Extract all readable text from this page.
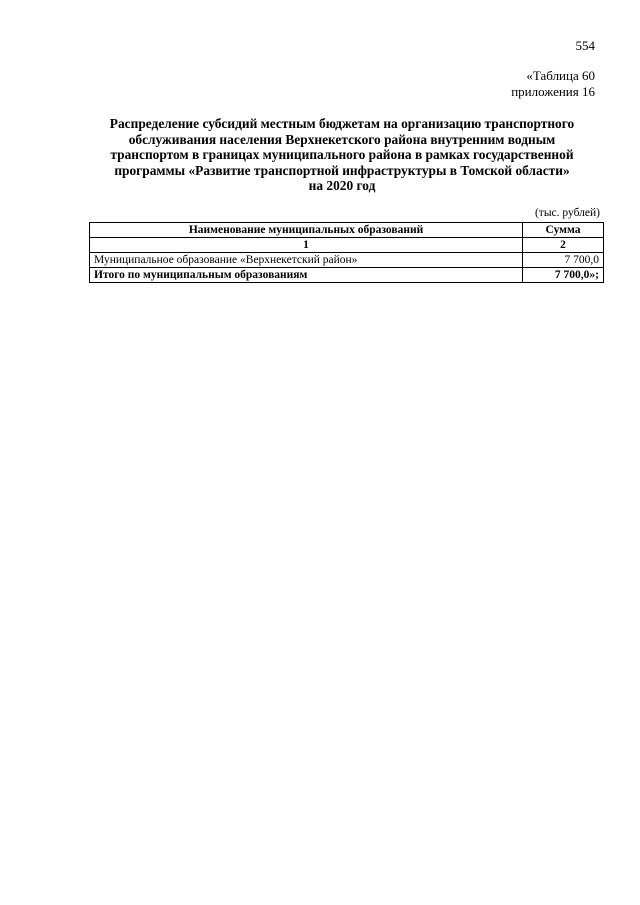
554
«Таблица 60
приложения 16
Распределение субсидий местным бюджетам на организацию транспортного
обслуживания населения Верхнекетского района внутренним водным
транспортом в границах муниципального района в рамках государственной
программы «Развитие транспортной инфраструктуры в Томской области»
на 2020 год
(тыс. рублей)
Наименование муниципальных образований	Сумма
1	2
Муниципальное образование «Верхнекетский район»	7 700,0
Итого по муниципальным образованиям	7 700,0»;
